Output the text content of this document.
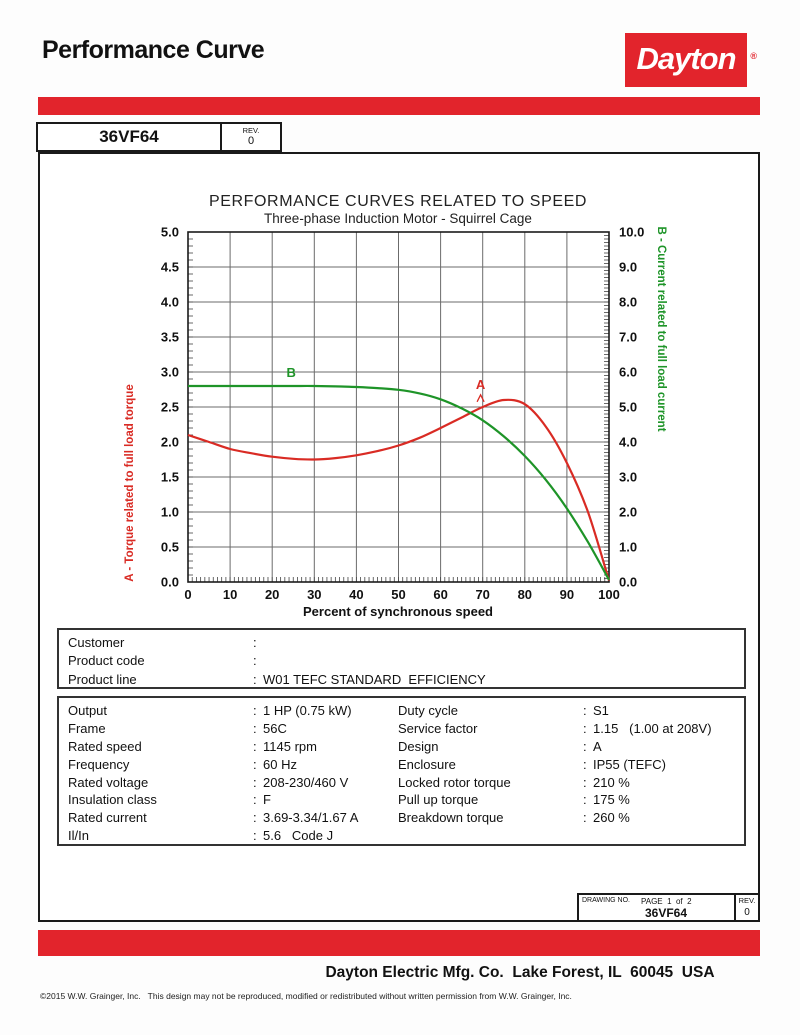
Performance Curve	Dayton ®
36VF64	REV.
0
PERFORMANCE CURVES RELATED TO SPEED
Three-phase Induction Motor - Squirrel Cage
Percent of synchronous speed
A - Torque related to full load torque
B - Current related to full load current
0.0
0.5
1.0
1.5
2.0
2.5
3.0
3.5
4.0
4.5
5.0
0.0
1.0
2.0
3.0
4.0
5.0
6.0
7.0
8.0
9.0
10.0
0 10 20 30 40 50 60 70 80 90 100
B
A
Customer	:
Product code	:
Product line	: W01 TEFC STANDARD  EFFICIENCY
Output	: 1 HP (0.75 kW)	Duty cycle	: S1
Frame	: 56C	Service factor	: 1.15   (1.00 at 208V)
Rated speed	: 1145 rpm	Design	: A
Frequency	: 60 Hz	Enclosure	: IP55 (TEFC)
Rated voltage	: 208-230/460 V	Locked rotor torque	: 210 %
Insulation class	: F	Pull up torque	: 175 %
Rated current	: 3.69-3.34/1.67 A	Breakdown torque	: 260 %
Il/In	: 5.6   Code J
DRAWING NO. PAGE  1  of  2
36VF64
REV.
0
Dayton Electric Mfg. Co.  Lake Forest, IL  60045  USA
©2015 W.W. Grainger, Inc.   This design may not be reproduced, modified or redistributed without written permission from W.W. Grainger, Inc.
